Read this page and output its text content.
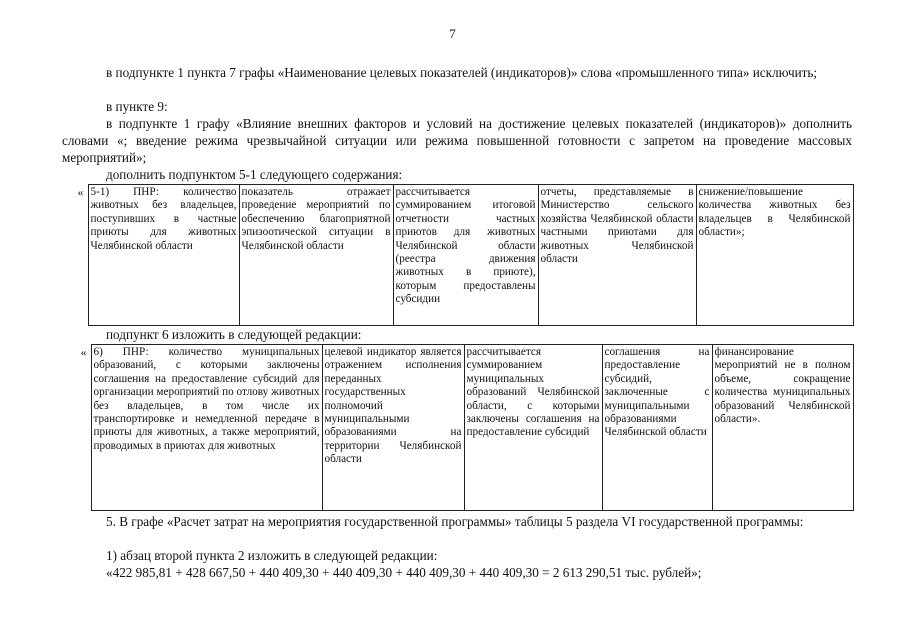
7

в подпункте 1 пункта 7 графы «Наименование целевых показателей (индикаторов)» слова «промышленного типа» исключить;

в пункте 9:

в подпункте 1 графу «Влияние внешних факторов и условий на достижение целевых показателей (индикаторов)» дополнить словами «; введение режима чрезвычайной ситуации или режима повышенной готовности с запретом на проведение массовых мероприятий»;

дополнить подпунктом 5-1 следующего содержания:

«	5-1) ПНР: количество животных без владельцев, поступивших в частные приюты для животных Челябинской области	показатель отражает проведение мероприятий по обеспечению благоприятной эпизоотической ситуации в Челябинской области	рассчитывается суммированием итоговой отчетности частных приютов для животных Челябинской области (реестра движения животных в приюте), которым предоставлены субсидии	отчеты, представляемые в Министерство сельского хозяйства Челябинской области частными приютами для животных Челябинской области	снижение/повышение количества животных без владельцев в Челябинской области»;

подпункт 6 изложить в следующей редакции:

«	6) ПНР: количество муниципальных образований, с которыми заключены соглашения на предоставление субсидий для организации мероприятий по отлову животных без владельцев, в том числе их транспортировке и немедленной передаче в приюты для животных, а также мероприятий, проводимых в приютах для животных	целевой индикатор является отражением исполнения переданных государственных полномочий муниципальными образованиями на территории Челябинской области	рассчитывается суммированием муниципальных образований Челябинской области, с которыми заключены соглашения на предоставление субсидий	соглашения на предоставление субсидий, заключенные с муниципальными образованиями Челябинской области	финансирование мероприятий не в полном объеме, сокращение количества муниципальных образований Челябинской области».

5. В графе «Расчет затрат на мероприятия государственной программы» таблицы 5 раздела VI государственной программы:

1) абзац второй пункта 2 изложить в следующей редакции:

«422 985,81 + 428 667,50 + 440 409,30 + 440 409,30 + 440 409,30 + 440 409,30 = 2 613 290,51 тыс. рублей»;
